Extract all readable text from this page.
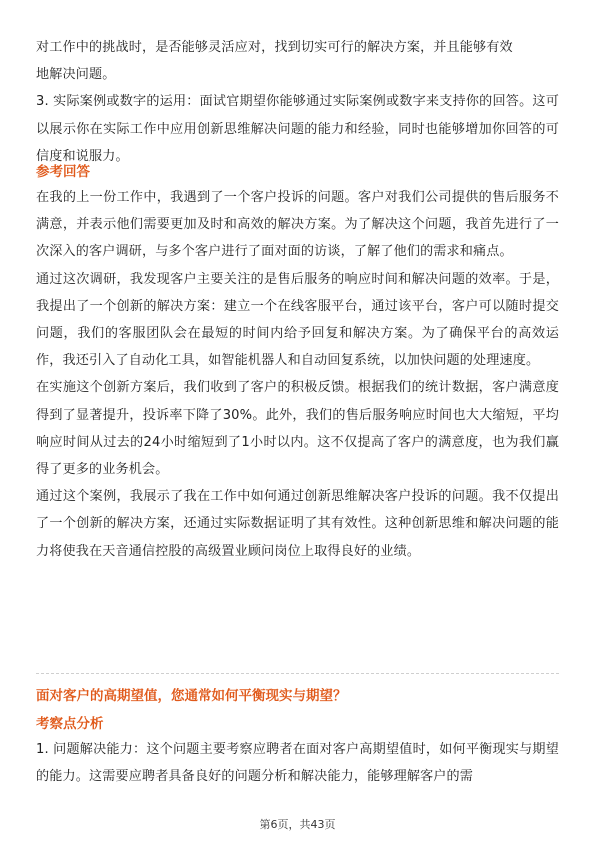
对工作中的挑战时，是否能够灵活应对，找到切实可行的解决方案，并且能够有效

地解决问题。

3. 实际案例或数字的运用：面试官期望你能够通过实际案例或数字来支持你的回答。这可以展示你在实际工作中应用创新思维解决问题的能力和经验，同时也能够增加你回答的可信度和说服力。

参考回答

在我的上一份工作中，我遇到了一个客户投诉的问题。客户对我们公司提供的售后服务不满意，并表示他们需要更加及时和高效的解决方案。为了解决这个问题，我首先进行了一次深入的客户调研，与多个客户进行了面对面的访谈，了解了他们的需求和痛点。

通过这次调研，我发现客户主要关注的是售后服务的响应时间和解决问题的效率。于是，我提出了一个创新的解决方案：建立一个在线客服平台，通过该平台，客户可以随时提交问题，我们的客服团队会在最短的时间内给予回复和解决方案。为了确保平台的高效运作，我还引入了自动化工具，如智能机器人和自动回复系统，以加快问题的处理速度。

在实施这个创新方案后，我们收到了客户的积极反馈。根据我们的统计数据，客户满意度得到了显著提升，投诉率下降了30%。此外，我们的售后服务响应时间也大大缩短，平均响应时间从过去的24小时缩短到了1小时以内。这不仅提高了客户的满意度，也为我们赢得了更多的业务机会。

通过这个案例，我展示了我在工作中如何通过创新思维解决客户投诉的问题。我不仅提出了一个创新的解决方案，还通过实际数据证明了其有效性。这种创新思维和解决问题的能力将使我在天音通信控股的高级置业顾问岗位上取得良好的业绩。

面对客户的高期望值，您通常如何平衡现实与期望？

考察点分析

1. 问题解决能力：这个问题主要考察应聘者在面对客户高期望值时，如何平衡现实与期望的能力。这需要应聘者具备良好的问题分析和解决能力，能够理解客户的需

第6页，共43页
